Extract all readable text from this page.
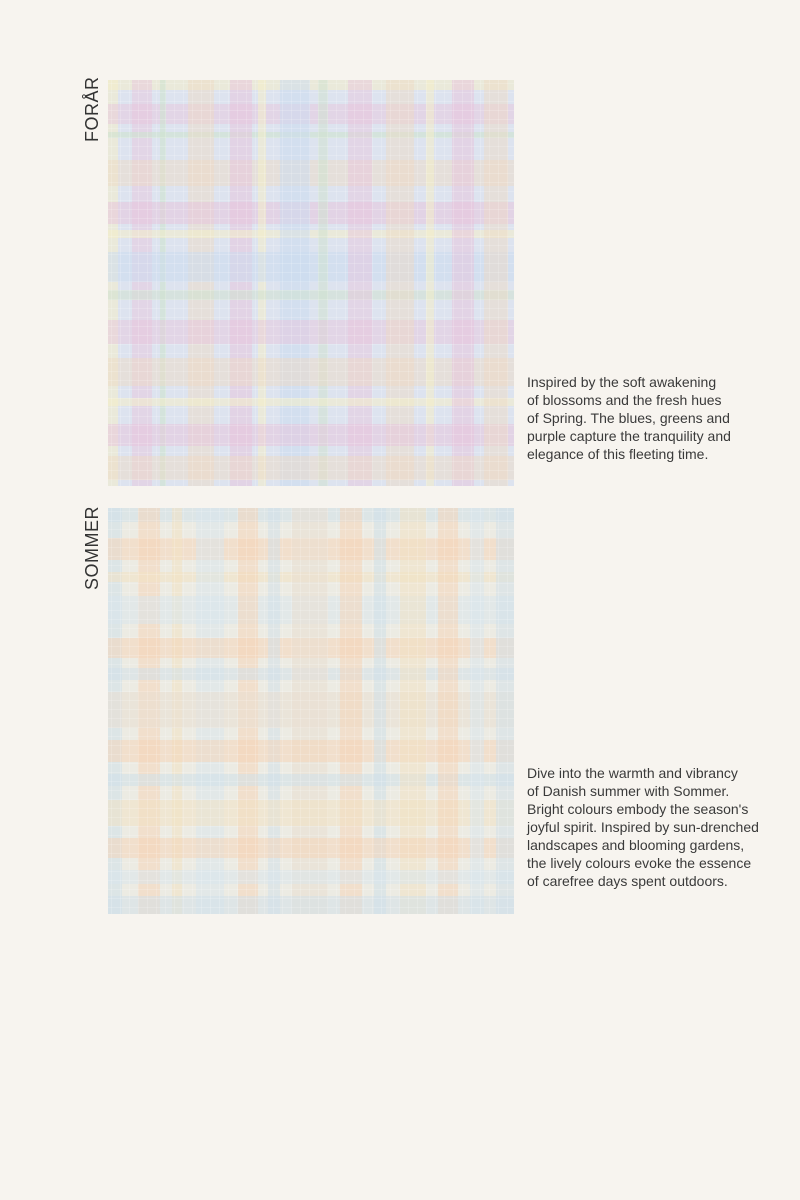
FORÅR
Inspired by the soft awakening
of blossoms and the fresh hues
of Spring. The blues, greens and
purple capture the tranquility and
elegance of this fleeting time.
SOMMER
Dive into the warmth and vibrancy
of Danish summer with Sommer.
Bright colours embody the season's
joyful spirit. Inspired by sun-drenched
landscapes and blooming gardens,
the lively colours evoke the essence
of carefree days spent outdoors.
